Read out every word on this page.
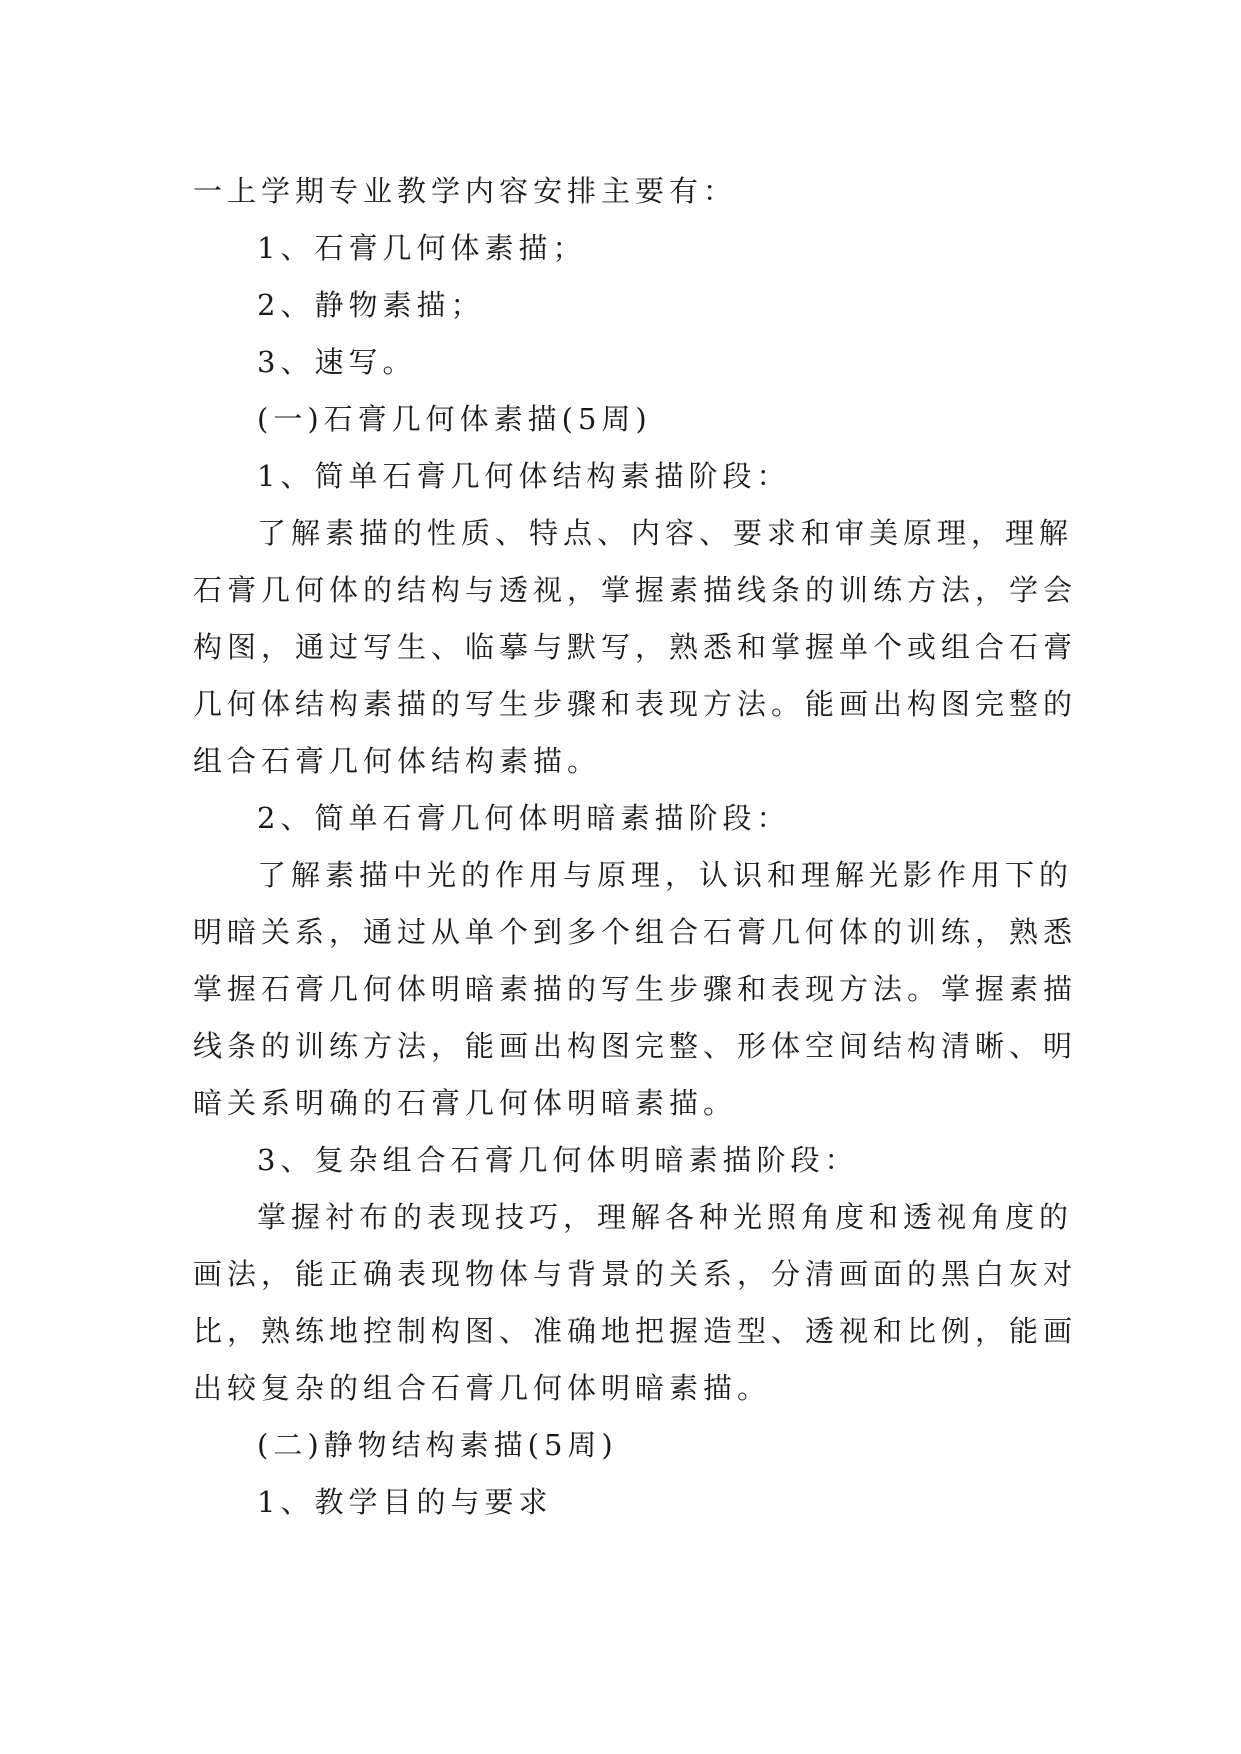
一上学期专业教学内容安排主要有：
1、石膏几何体素描；
2、静物素描；
3、速写。
(一)石膏几何体素描(5周)
1、简单石膏几何体结构素描阶段：
了解素描的性质、特点、内容、要求和审美原理，理解
石膏几何体的结构与透视，掌握素描线条的训练方法，学会
构图，通过写生、临摹与默写，熟悉和掌握单个或组合石膏
几何体结构素描的写生步骤和表现方法。能画出构图完整的
组合石膏几何体结构素描。
2、简单石膏几何体明暗素描阶段：
了解素描中光的作用与原理，认识和理解光影作用下的
明暗关系，通过从单个到多个组合石膏几何体的训练，熟悉
掌握石膏几何体明暗素描的写生步骤和表现方法。掌握素描
线条的训练方法，能画出构图完整、形体空间结构清晰、明
暗关系明确的石膏几何体明暗素描。
3、复杂组合石膏几何体明暗素描阶段：
掌握衬布的表现技巧，理解各种光照角度和透视角度的
画法，能正确表现物体与背景的关系，分清画面的黑白灰对
比，熟练地控制构图、准确地把握造型、透视和比例，能画
出较复杂的组合石膏几何体明暗素描。
(二)静物结构素描(5周)
1、教学目的与要求
